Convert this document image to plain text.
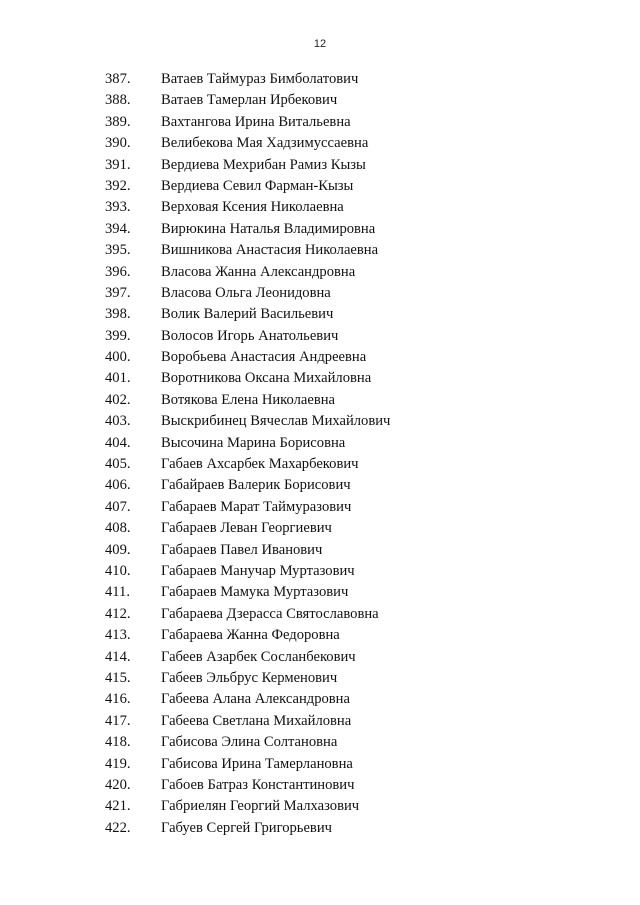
12
387.	Ватаев Таймураз Бимболатович
388.	Ватаев Тамерлан Ирбекович
389.	Вахтангова Ирина Витальевна
390.	Велибекова Мая Хадзимуссаевна
391.	Вердиева Мехрибан Рамиз Кызы
392.	Вердиева Севил Фарман-Кызы
393.	Верховая Ксения Николаевна
394.	Вирюкина Наталья Владимировна
395.	Вишникова Анастасия Николаевна
396.	Власова Жанна Александровна
397.	Власова Ольга Леонидовна
398.	Волик Валерий Васильевич
399.	Волосов Игорь Анатольевич
400.	Воробьева Анастасия Андреевна
401.	Воротникова Оксана Михайловна
402.	Вотякова Елена Николаевна
403.	Выскрибинец Вячеслав Михайлович
404.	Высочина Марина Борисовна
405.	Габаев Ахсарбек Махарбекович
406.	Габайраев Валерик Борисович
407.	Габараев Марат Таймуразович
408.	Габараев Леван Георгиевич
409.	Габараев Павел Иванович
410.	Габараев Манучар Муртазович
411.	Габараев Мамука Муртазович
412.	Габараева Дзерасса Святославовна
413.	Габараева Жанна Федоровна
414.	Габеев Азарбек Сосланбекович
415.	Габеев Эльбрус Керменович
416.	Габеева Алана Александровна
417.	Габеева Светлана Михайловна
418.	Габисова Элина Солтановна
419.	Габисова Ирина Тамерлановна
420.	Габоев Батраз Константинович
421.	Габриелян Георгий Малхазович
422.	Габуев Сергей Григорьевич
